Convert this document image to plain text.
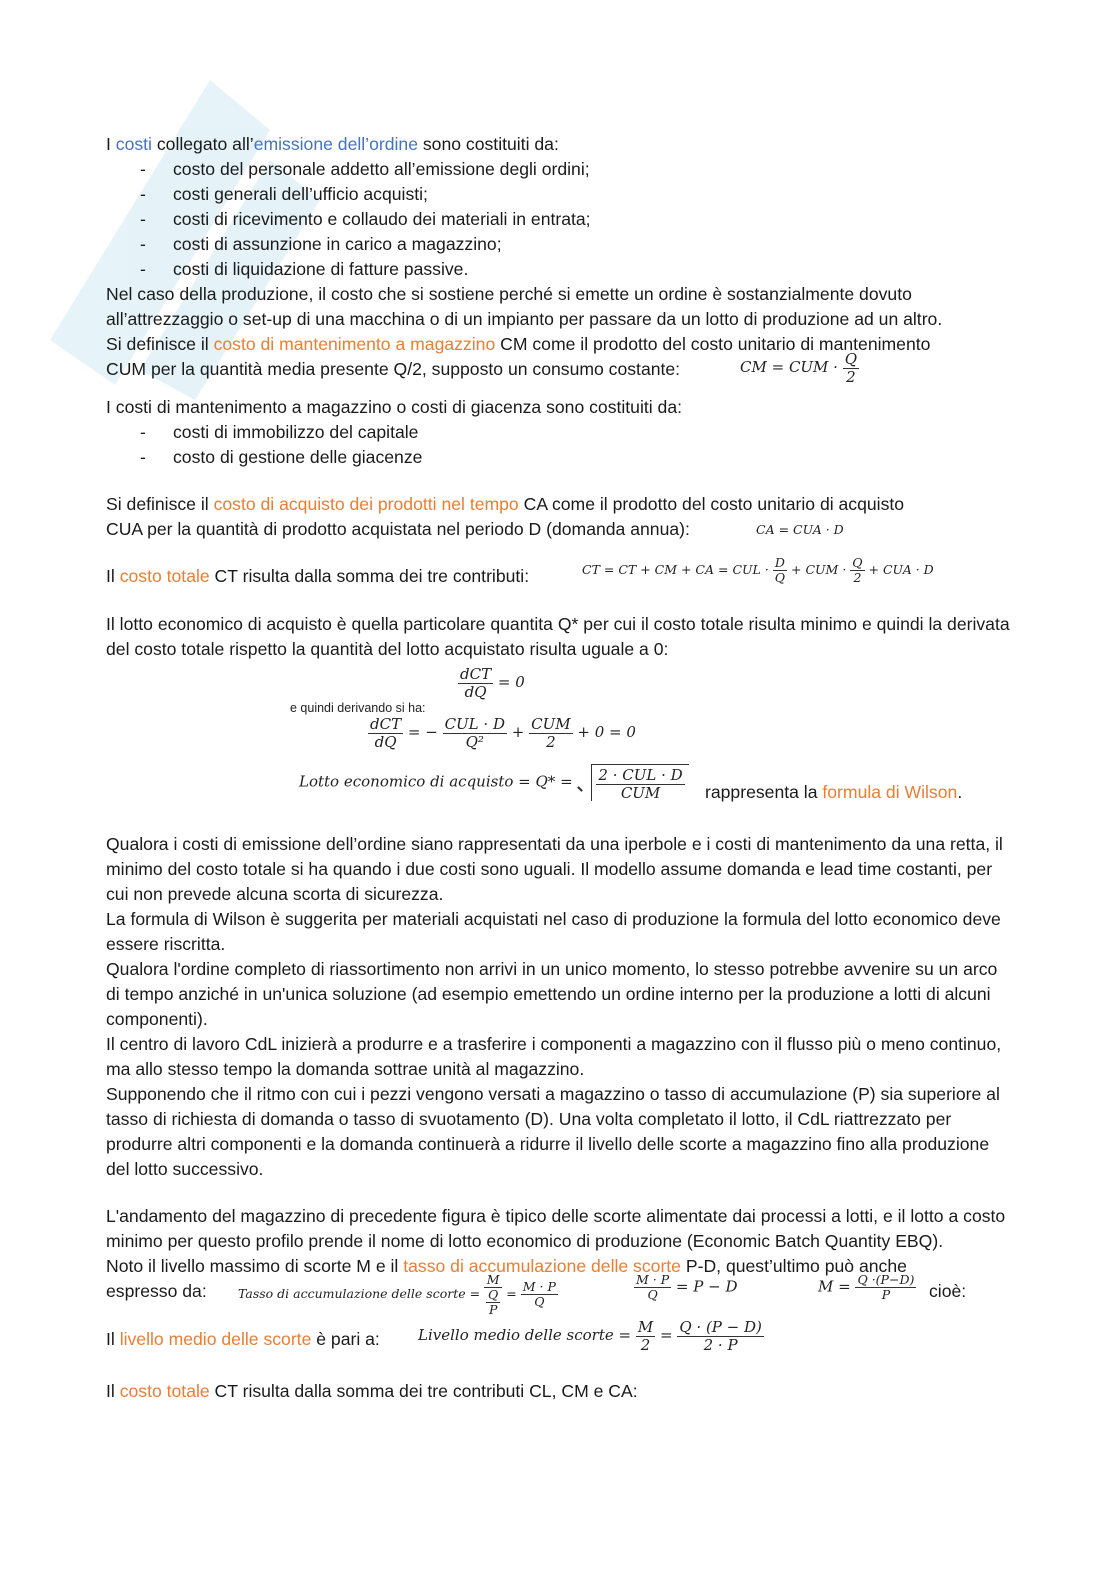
I costi collegato all’emissione dell’ordine sono costituiti da:

- costo del personale addetto all’emissione degli ordini;
- costi generali dell’ufficio acquisti;
- costi di ricevimento e collaudo dei materiali in entrata;
- costi di assunzione in carico a magazzino;
- costi di liquidazione di fatture passive.

Nel caso della produzione, il costo che si sostiene perché si emette un ordine è sostanzialmente dovuto all’attrezzaggio o set-up di una macchina o di un impianto per passare da un lotto di produzione ad un altro.

Si definisce il costo di mantenimento a magazzino CM come il prodotto del costo unitario di mantenimento

CUM per la quantità media presente Q/2, supposto un consumo costante:	CM = CUM · $\frac{Q}{2}$

I costi di mantenimento a magazzino o costi di giacenza sono costituiti da:

- costi di immobilizzo del capitale
- costo di gestione delle giacenze

Si definisce il costo di acquisto dei prodotti nel tempo CA come il prodotto del costo unitario di acquisto

CUA per la quantità di prodotto acquistata nel periodo D (domanda annua):	CA = CUA · D
Il costo totale CT risulta dalla somma dei tre contributi:	CT = CT + CM + CA = CUL · $\frac{D}{Q}$ + CUM · $\frac{Q}{2}$ + CUA · D

Il lotto economico di acquisto è quella particolare quantita Q* per cui il costo totale risulta minimo e quindi la derivata del costo totale rispetto la quantità del lotto acquistato risulta uguale a 0:

$\frac{\text{dCT}}{dQ} = 0$
e quindi derivando si ha:
$\frac{\text{dCT}}{dQ}$ = − $\frac{\text{CUL · D}}{\text{Q²}} + \frac{\text{CUM}}{2} + 0 = 0$
Lotto economico di acquisto = $Q* = \frac{\text{2 · CUL · D}}{\text{CUM}}$ rappresenta la formula di Wilson.

Qualora i costi di emissione dell’ordine siano rappresentati da una iperbole e i costi di mantenimento da una retta, il minimo del costo totale si ha quando i due costi sono uguali. Il modello assume domanda e lead time costanti, per cui non prevede alcuna scorta di sicurezza.

La formula di Wilson è suggerita per materiali acquistati nel caso di produzione la formula del lotto economico deve essere riscritta.

Qualora l'ordine completo di riassortimento non arrivi in un unico momento, lo stesso potrebbe avvenire su un arco di tempo anziché in un'unica soluzione (ad esempio emettendo un ordine interno per la produzione a lotti di alcuni componenti).

Il centro di lavoro CdL inizierà a produrre e a trasferire i componenti a magazzino con il flusso più o meno continuo, ma allo stesso tempo la domanda sottrae unità al magazzino.

Supponendo che il ritmo con cui i pezzi vengono versati a magazzino o tasso di accumulazione (P) sia superiore al tasso di richiesta di domanda o tasso di svuotamento (D). Una volta completato il lotto, il CdL riattrezzato per produrre altri componenti e la domanda continuerà a ridurre il livello delle scorte a magazzino fino alla produzione del lotto successivo.

L'andamento del magazzino di precedente figura è tipico delle scorte alimentate dai processi a lotti, e il lotto a costo minimo per questo profilo prende il nome di lotto economico di produzione (Economic Batch Quantity EBQ).

Noto il livello massimo di scorte M e il tasso di accumulazione delle scorte P-D, quest’ultimo può anche

espresso da:	Tasso di accumulazione delle scorte = $\frac{M}{\frac{Q}{P}} = \frac{M \cdot P}{Q}$	$\frac{M \cdot P}{Q} = P - D$	$M = \frac{Q \cdot(P-D)}{P}$ cioè:
Il livello medio delle scorte è pari a:	Livello medio delle scorte = $\frac{M}{2} = \frac{Q \cdot (P - D)}{2 \cdot P}$

Il costo totale CT risulta dalla somma dei tre contributi CL, CM e CA:
